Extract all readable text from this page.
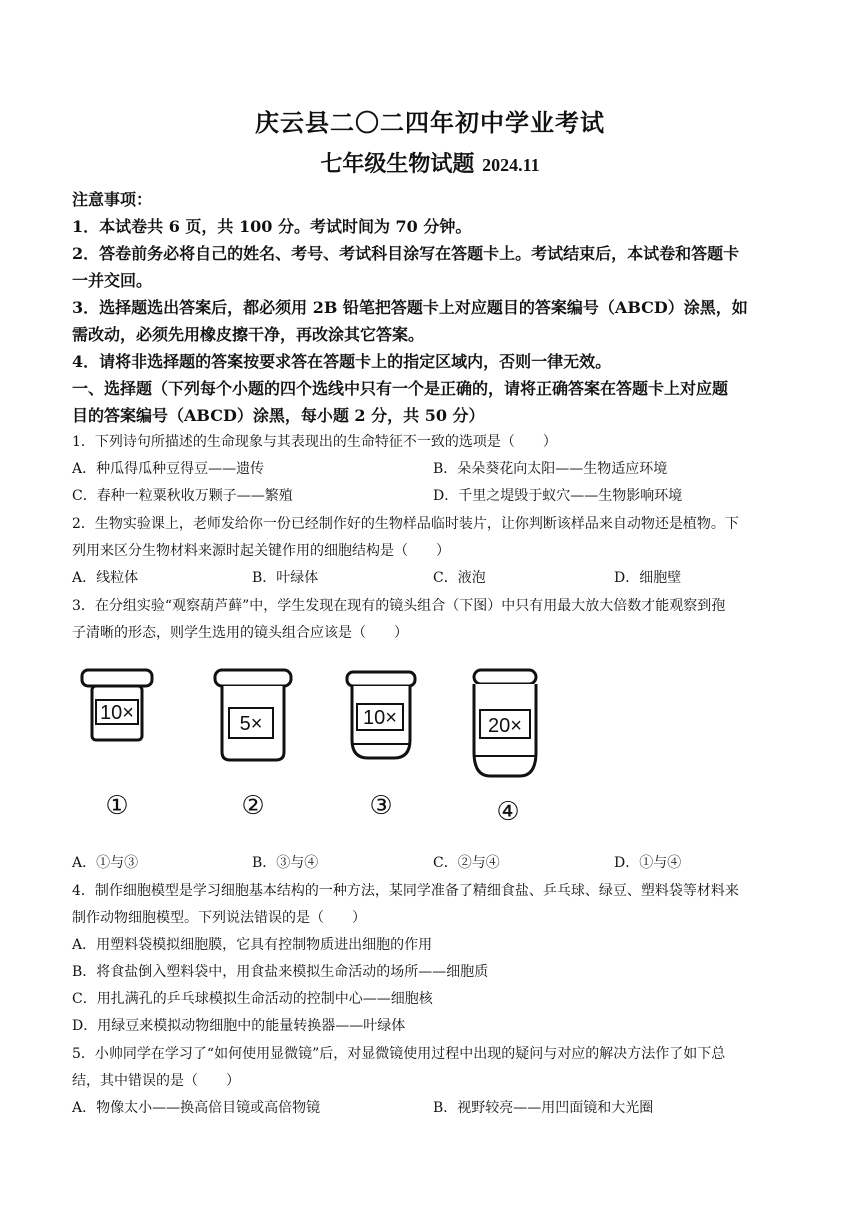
庆云县二〇二四年初中学业考试
七年级生物试题 2024.11
注意事项：
1．本试卷共 6 页，共 100 分。考试时间为 70 分钟。
2．答卷前务必将自己的姓名、考号、考试科目涂写在答题卡上。考试结束后，本试卷和答题卡
一并交回。
3．选择题选出答案后，都必须用 2B 铅笔把答题卡上对应题目的答案编号（ABCD）涂黑，如
需改动，必须先用橡皮擦干净，再改涂其它答案。
4．请将非选择题的答案按要求答在答题卡上的指定区域内，否则一律无效。
一、选择题（下列每个小题的四个选线中只有一个是正确的，请将正确答案在答题卡上对应题
目的答案编号（ABCD）涂黑，每小题 2 分，共 50 分）
1．下列诗句所描述的生命现象与其表现出的生命特征不一致的选项是（　　）
A．种瓜得瓜种豆得豆——遗传	B．朵朵葵花向太阳——生物适应环境
C．春种一粒粟秋收万颗子——繁殖	D．千里之堤毁于蚁穴——生物影响环境
2．生物实验课上，老师发给你一份已经制作好的生物样品临时装片，让你判断该样品来自动物还是植物。下
列用来区分生物材料来源时起关键作用的细胞结构是（　　）
A．线粒体	B．叶绿体	C．液泡	D．细胞壁
3．在分组实验“观察葫芦藓”中，学生发现在现有的镜头组合（下图）中只有用最大放大倍数才能观察到孢
子清晰的形态，则学生选用的镜头组合应该是（　　）
10×	5×	10×	20×
①	②	③	④
A．①与③	B．③与④	C．②与④	D．①与④
4．制作细胞模型是学习细胞基本结构的一种方法，某同学准备了精细食盐、乒乓球、绿豆、塑料袋等材料来
制作动物细胞模型。下列说法错误的是（　　）
A．用塑料袋模拟细胞膜，它具有控制物质进出细胞的作用
B．将食盐倒入塑料袋中，用食盐来模拟生命活动的场所——细胞质
C．用扎满孔的乒乓球模拟生命活动的控制中心——细胞核
D．用绿豆来模拟动物细胞中的能量转换器——叶绿体
5．小帅同学在学习了“如何使用显微镜”后，对显微镜使用过程中出现的疑问与对应的解决方法作了如下总
结，其中错误的是（　　）
A．物像太小——换高倍目镜或高倍物镜	B．视野较亮——用凹面镜和大光圈
